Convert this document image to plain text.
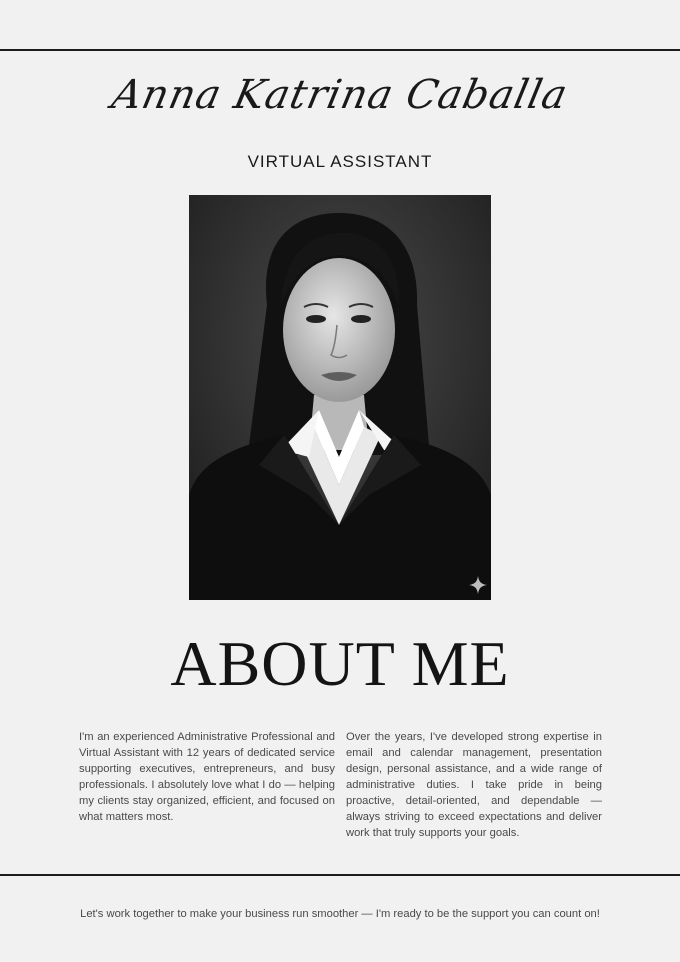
Anna Katrina Caballa
VIRTUAL ASSISTANT
ABOUT ME
I'm an experienced Administrative Professional and Virtual Assistant with 12 years of dedicated service supporting executives, entrepreneurs, and busy professionals. I absolutely love what I do — helping my clients stay organized, efficient, and focused on what matters most.
Over the years, I've developed strong expertise in email and calendar management, presentation design, personal assistance, and a wide range of administrative duties. I take pride in being proactive, detail-oriented, and dependable — always striving to exceed expectations and deliver work that truly supports your goals.
Let's work together to make your business run smoother — I'm ready to be the support you can count on!
